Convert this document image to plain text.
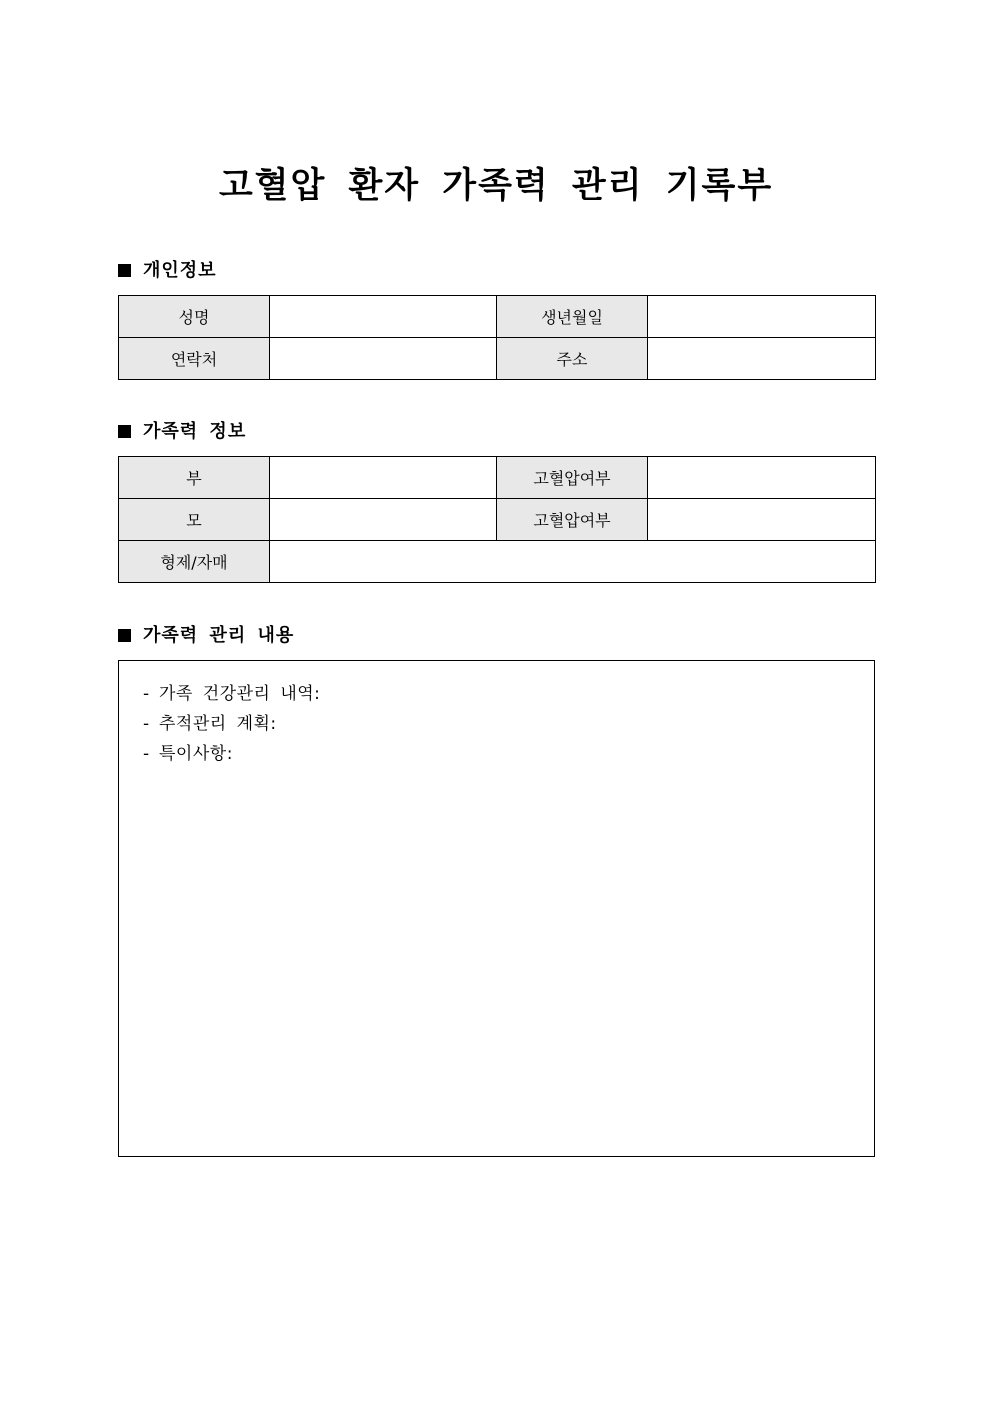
고혈압 환자 가족력 관리 기록부
개인정보
성명		생년월일	
연락처		주소	
가족력 정보
부		고혈압여부	
모		고혈압여부	
형제/자매			
가족력 관리 내용
- 가족 건강관리 내역:
- 추적관리 계획:
- 특이사항:
